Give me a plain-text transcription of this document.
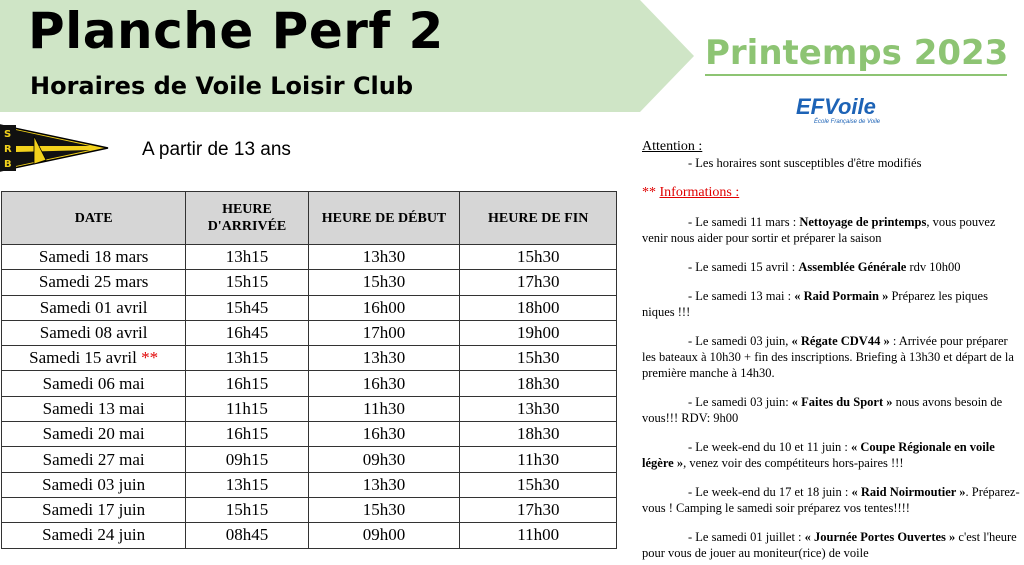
Planche Perf 2
Horaires de Voile Loisir Club
Printemps 2023
EFVoile
École Française de Voile
S
R
B
A partir de 13 ans
DATE	HEURE D'ARRIVÉE	HEURE DE DÉBUT	HEURE DE FIN
Samedi 18 mars	13h15	13h30	15h30
Samedi 25 mars	15h15	15h30	17h30
Samedi 01 avril	15h45	16h00	18h00
Samedi 08 avril	16h45	17h00	19h00
Samedi 15 avril **	13h15	13h30	15h30
Samedi 06 mai	16h15	16h30	18h30
Samedi 13 mai	11h15	11h30	13h30
Samedi 20 mai	16h15	16h30	18h30
Samedi 27 mai	09h15	09h30	11h30
Samedi 03 juin	13h15	13h30	15h30
Samedi 17 juin	15h15	15h30	17h30
Samedi 24 juin	08h45	09h00	11h00

Attention :

- Les horaires sont susceptibles d'être modifiés

** Informations :

- Le samedi 11 mars : Nettoyage de printemps, vous pouvez venir nous aider pour sortir et préparer la saison

- Le samedi 15 avril : Assemblée Générale rdv 10h00

- Le samedi 13 mai : « Raid Pormain » Préparez les piques niques !!!

- Le samedi 03 juin, « Régate CDV44 » : Arrivée pour préparer les bateaux à 10h30 + fin des inscriptions. Briefing à 13h30 et départ de la première manche à 14h30.

- Le samedi 03 juin: « Faites du Sport » nous avons besoin de vous!!! RDV: 9h00

- Le week-end du 10 et 11 juin : « Coupe Régionale en voile légère », venez voir des compétiteurs hors-paires !!!

- Le week-end du 17 et 18 juin : « Raid Noirmoutier ». Préparez-vous ! Camping le samedi soir préparez vos tentes!!!!

- Le samedi 01 juillet : « Journée Portes Ouvertes » c'est l'heure pour vous de jouer au moniteur(rice) de voile
